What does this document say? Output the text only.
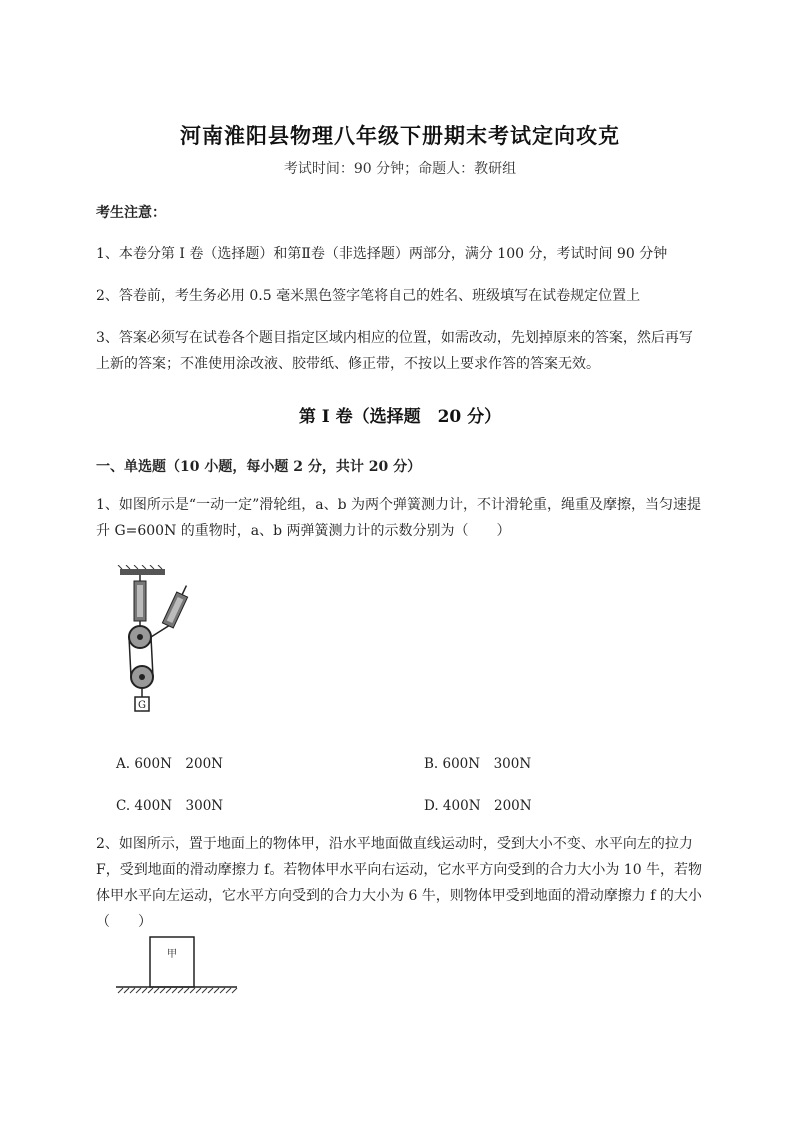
河南淮阳县物理八年级下册期末考试定向攻克
考试时间：90 分钟；命题人：教研组
考生注意：
1、本卷分第 I 卷（选择题）和第Ⅱ卷（非选择题）两部分，满分 100 分，考试时间 90 分钟
2、答卷前，考生务必用 0.5 毫米黑色签字笔将自己的姓名、班级填写在试卷规定位置上
3、答案必须写在试卷各个题目指定区域内相应的位置，如需改动，先划掉原来的答案，然后再写上新的答案；不准使用涂改液、胶带纸、修正带，不按以上要求作答的答案无效。
第 I 卷（选择题　20 分）
一、单选题（10 小题，每小题 2 分，共计 20 分）
1、如图所示是“一动一定”滑轮组，a、b 为两个弹簧测力计，不计滑轮重，绳重及摩擦，当匀速提升 G=600N 的重物时，a、b 两弹簧测力计的示数分别为（　　）
G
A. 600N　200N	B. 600N　300N
C. 400N　300N	D. 400N　200N
2、如图所示，置于地面上的物体甲，沿水平地面做直线运动时，受到大小不变、水平向左的拉力 F，受到地面的滑动摩擦力 f。若物体甲水平向右运动，它水平方向受到的合力大小为 10 牛，若物体甲水平向左运动，它水平方向受到的合力大小为 6 牛，则物体甲受到地面的滑动摩擦力 f 的大小（　　）
甲
